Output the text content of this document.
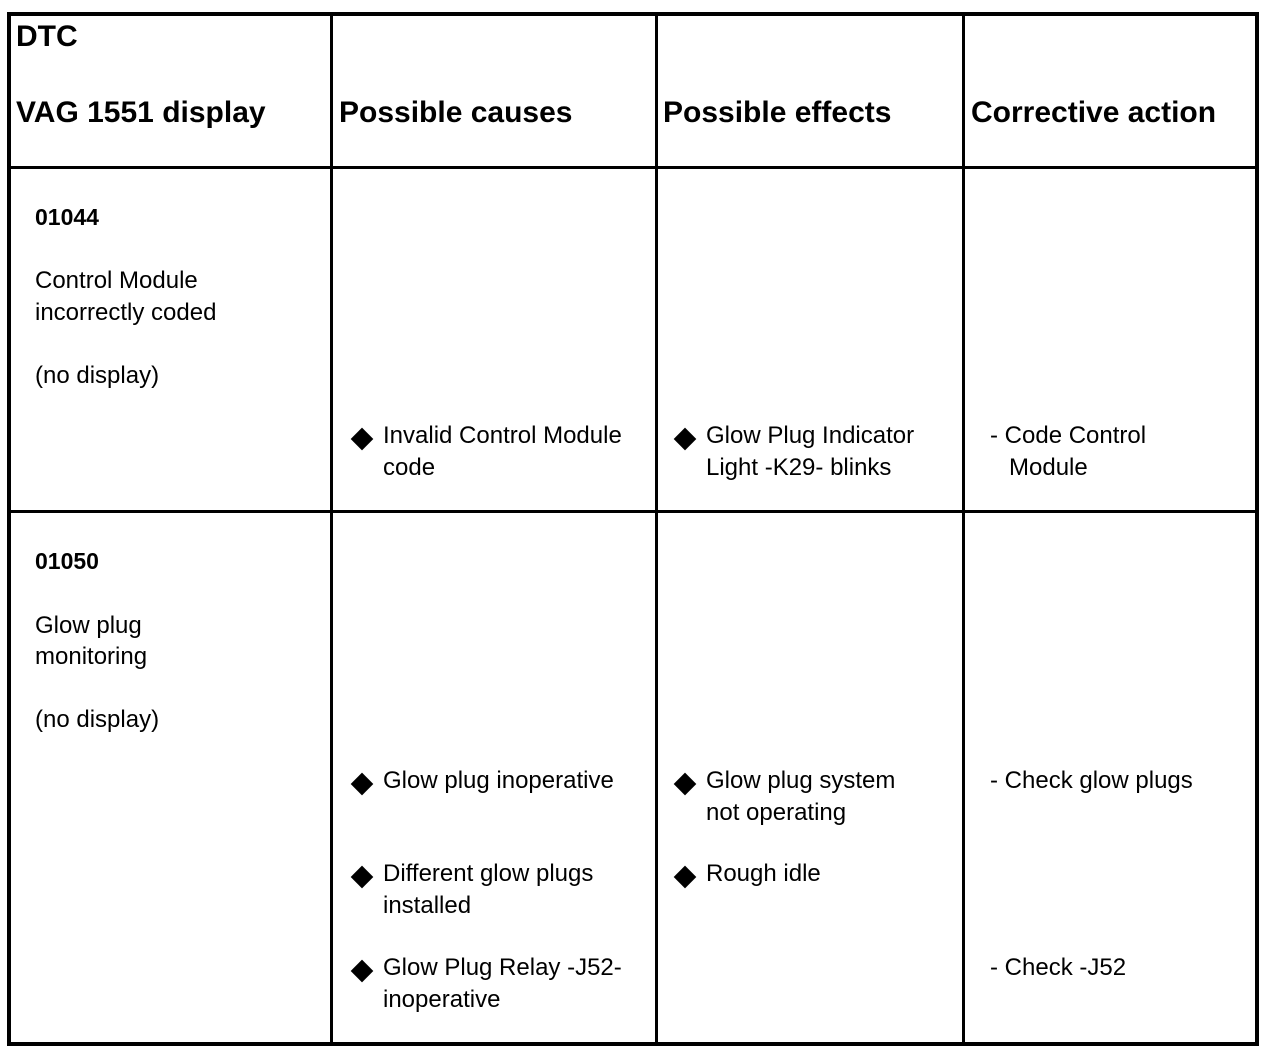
DTC
VAG 1551 display Possible causes	Possible effects	Corrective action
01044
Control Module
incorrectly coded
(no display)
Invalid Control Module
code
Glow Plug Indicator
Light -K29- blinks
- Code Control
Module
01050
Glow plug
monitoring
(no display)
Glow plug inoperative
Different glow plugs
installed
Glow Plug Relay -J52-
inoperative
Glow plug system
not operating
Rough idle
- Check glow plugs
- Check -J52
